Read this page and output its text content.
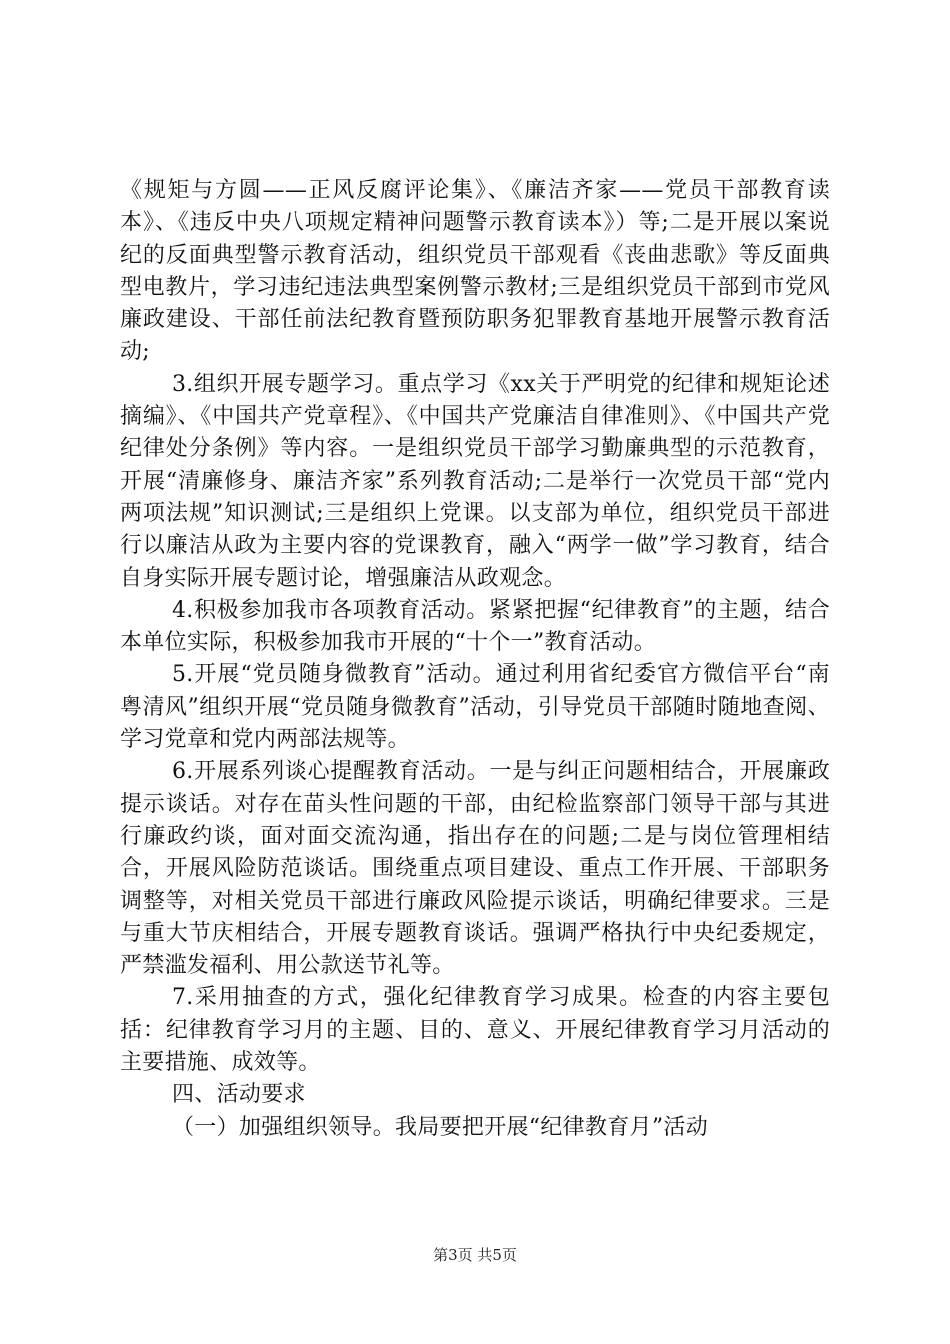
《规矩与方圆——正风反腐评论集》、《廉洁齐家——党员干部教育读本》、《违反中央八项规定精神问题警示教育读本》）等;二是开展以案说纪的反面典型警示教育活动，组织党员干部观看《丧曲悲歌》等反面典型电教片，学习违纪违法典型案例警示教材;三是组织党员干部到市党风廉政建设、干部任前法纪教育暨预防职务犯罪教育基地开展警示教育活动;

3.组织开展专题学习。重点学习《xx关于严明党的纪律和规矩论述摘编》、《中国共产党章程》、《中国共产党廉洁自律准则》、《中国共产党纪律处分条例》等内容。一是组织党员干部学习勤廉典型的示范教育，开展“清廉修身、廉洁齐家”系列教育活动;二是举行一次党员干部“党内两项法规”知识测试;三是组织上党课。以支部为单位，组织党员干部进行以廉洁从政为主要内容的党课教育，融入“两学一做”学习教育，结合自身实际开展专题讨论，增强廉洁从政观念。

4.积极参加我市各项教育活动。紧紧把握“纪律教育”的主题，结合本单位实际，积极参加我市开展的“十个一”教育活动。

5.开展“党员随身微教育”活动。通过利用省纪委官方微信平台“南粤清风”组织开展“党员随身微教育”活动，引导党员干部随时随地查阅、学习党章和党内两部法规等。

6.开展系列谈心提醒教育活动。一是与纠正问题相结合，开展廉政提示谈话。对存在苗头性问题的干部，由纪检监察部门领导干部与其进行廉政约谈，面对面交流沟通，指出存在的问题;二是与岗位管理相结合，开展风险防范谈话。围绕重点项目建设、重点工作开展、干部职务调整等，对相关党员干部进行廉政风险提示谈话，明确纪律要求。三是与重大节庆相结合，开展专题教育谈话。强调严格执行中央纪委规定，严禁滥发福利、用公款送节礼等。

7.采用抽查的方式，强化纪律教育学习成果。检查的内容主要包括：纪律教育学习月的主题、目的、意义、开展纪律教育学习月活动的主要措施、成效等。

四、活动要求

（一）加强组织领导。我局要把开展“纪律教育月”活动

第3页 共5页
